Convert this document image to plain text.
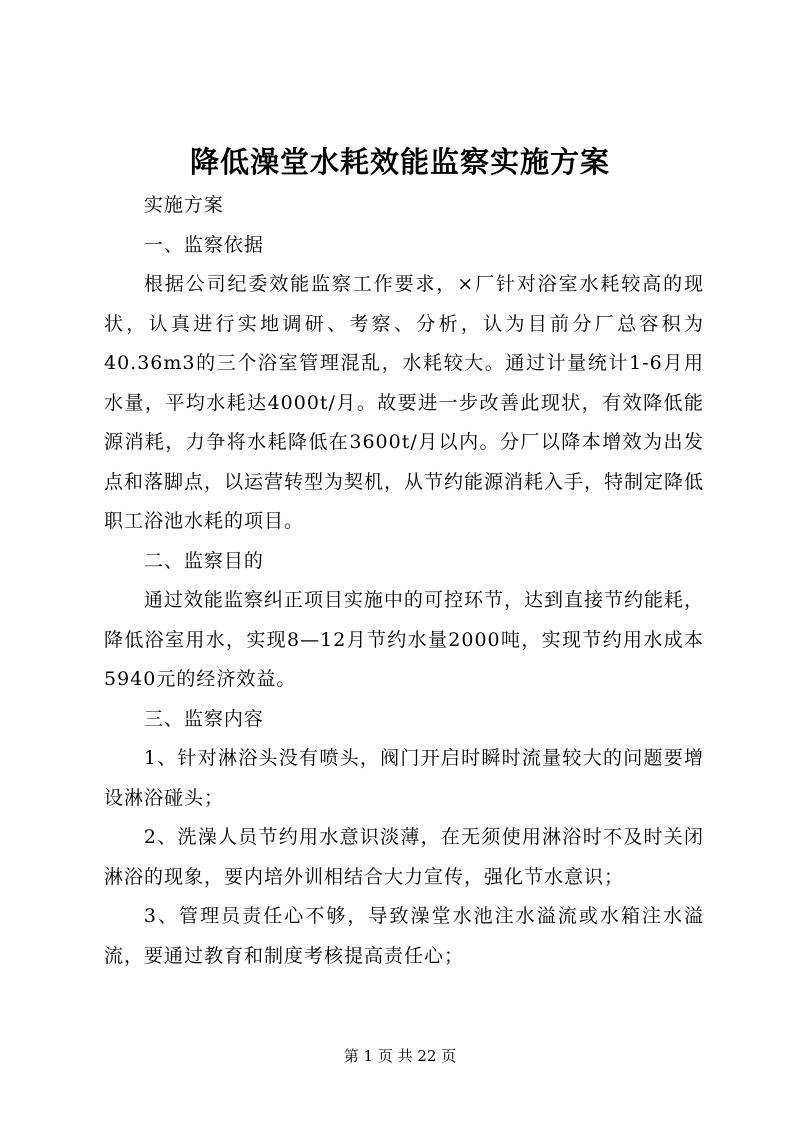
降低澡堂水耗效能监察实施方案

实施方案

一、监察依据

根据公司纪委效能监察工作要求，×厂针对浴室水耗较高的现状，认真进行实地调研、考察、分析，认为目前分厂总容积为40.36m3的三个浴室管理混乱，水耗较大。通过计量统计1-6月用水量，平均水耗达4000t/月。故要进一步改善此现状，有效降低能源消耗，力争将水耗降低在3600t/月以内。分厂以降本增效为出发点和落脚点，以运营转型为契机，从节约能源消耗入手，特制定降低职工浴池水耗的项目。

二、监察目的

通过效能监察纠正项目实施中的可控环节，达到直接节约能耗，降低浴室用水，实现8—12月节约水量2000吨，实现节约用水成本5940元的经济效益。

三、监察内容

1、针对淋浴头没有喷头，阀门开启时瞬时流量较大的问题要增设淋浴碰头；

2、洗澡人员节约用水意识淡薄，在无须使用淋浴时不及时关闭淋浴的现象，要内培外训相结合大力宣传，强化节水意识；

3、管理员责任心不够，导致澡堂水池注水溢流或水箱注水溢流，要通过教育和制度考核提高责任心；

第 1 页 共 22 页
